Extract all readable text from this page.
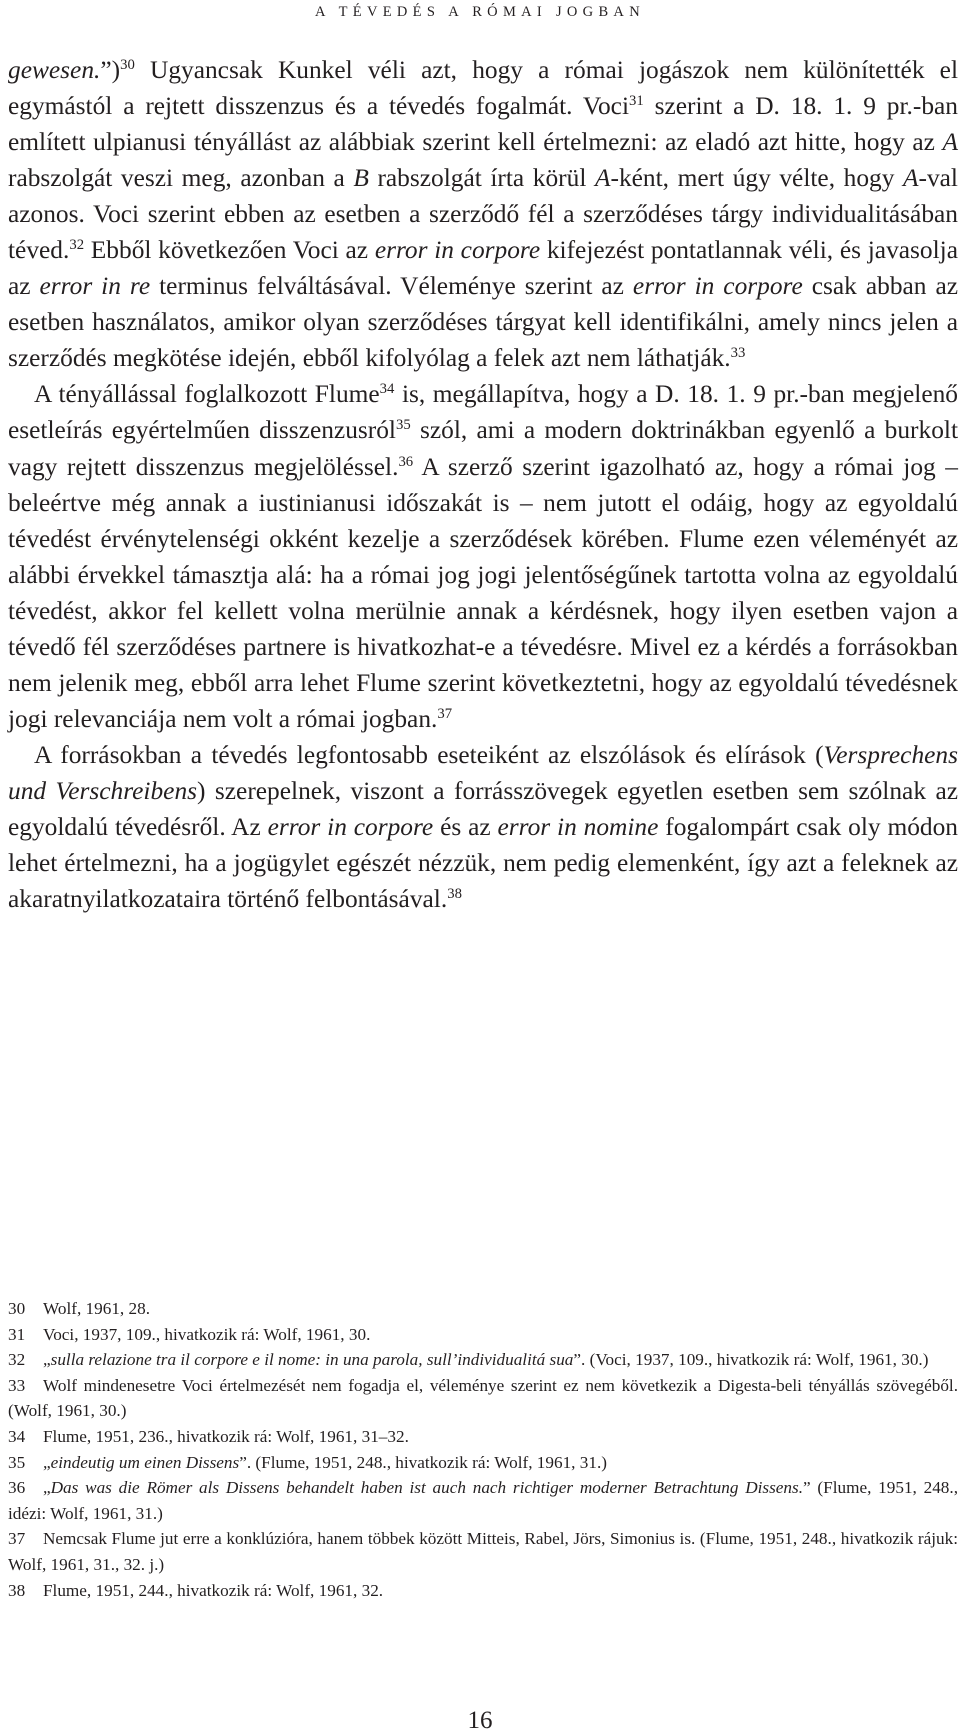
A TÉVEDÉS A RÓMAI JOGBAN

gewesen.”)$^{30}$ Ugyancsak Kunkel véli azt, hogy a római jogászok nem különítették el egymástól a rejtett disszenzus és a tévedés fogalmát. Voci$^{31}$ szerint a D. 18. 1. 9 pr.-ban említett ulpianusi tényállást az alábbiak szerint kell értelmezni: az eladó azt hitte, hogy az A rabszolgát veszi meg, azonban a B rabszolgát írta körül A-ként, mert úgy vélte, hogy A-val azonos. Voci szerint ebben az esetben a szerződő fél a szerződéses tárgy individualitásában téved.$^{32}$ Ebből következően Voci az error in corpore kifejezést pontatlannak véli, és javasolja az error in re terminus felváltásával. Véleménye szerint az error in corpore csak abban az esetben használatos, amikor olyan szerződéses tárgyat kell identifikálni, amely nincs jelen a szerződés megkötése idején, ebből kifolyólag a felek azt nem láthatják.$^{33}$

A tényállással foglalkozott Flume$^{34}$ is, megállapítva, hogy a D. 18. 1. 9 pr.-ban megjelenő esetleírás egyértelműen disszenzusról$^{35}$ szól, ami a modern doktrinákban egyenlő a burkolt vagy rejtett disszenzus megjelöléssel.$^{36}$ A szerző szerint igazolható az, hogy a római jog – beleértve még annak a iustinianusi időszakát is – nem jutott el odáig, hogy az egyoldalú tévedést érvénytelenségi okként kezelje a szerződések körében. Flume ezen véleményét az alábbi érvekkel támasztja alá: ha a római jog jogi jelentőségűnek tartotta volna az egyoldalú tévedést, akkor fel kellett volna merülnie annak a kérdésnek, hogy ilyen esetben vajon a tévedő fél szerződéses partnere is hivatkozhat-e a tévedésre. Mivel ez a kérdés a forrásokban nem jelenik meg, ebből arra lehet Flume szerint következtetni, hogy az egyoldalú tévedésnek jogi relevanciája nem volt a római jogban.$^{37}$

A forrásokban a tévedés legfontosabb eseteiként az elszólások és elírások (Versprechens und Verschreibens) szerepelnek, viszont a forrásszövegek egyetlen esetben sem szólnak az egyoldalú tévedésről. Az error in corpore és az error in nomine fogalompárt csak oly módon lehet értelmezni, ha a jogügylet egészét nézzük, nem pedig elemenként, így azt a feleknek az akaratnyilatkozataira történő felbontásával.$^{38}$

30 Wolf, 1961, 28.

31 Voci, 1937, 109., hivatkozik rá: Wolf, 1961, 30.

32 „sulla relazione tra il corpore e il nome: in una parola, sull’individualitá sua”. (Voci, 1937, 109., hivatkozik rá: Wolf, 1961, 30.)

33 Wolf mindenesetre Voci értelmezését nem fogadja el, véleménye szerint ez nem következik a Digesta-beli tényállás szövegéből. (Wolf, 1961, 30.)

34 Flume, 1951, 236., hivatkozik rá: Wolf, 1961, 31–32.

35 „eindeutig um einen Dissens”. (Flume, 1951, 248., hivatkozik rá: Wolf, 1961, 31.)

36 „Das was die Römer als Dissens behandelt haben ist auch nach richtiger moderner Betrachtung Dissens.” (Flume, 1951, 248., idézi: Wolf, 1961, 31.)

37 Nemcsak Flume jut erre a konklúzióra, hanem többek között Mitteis, Rabel, Jörs, Simonius is. (Flume, 1951, 248., hivatkozik rájuk: Wolf, 1961, 31., 32. j.)

38 Flume, 1951, 244., hivatkozik rá: Wolf, 1961, 32.

16
